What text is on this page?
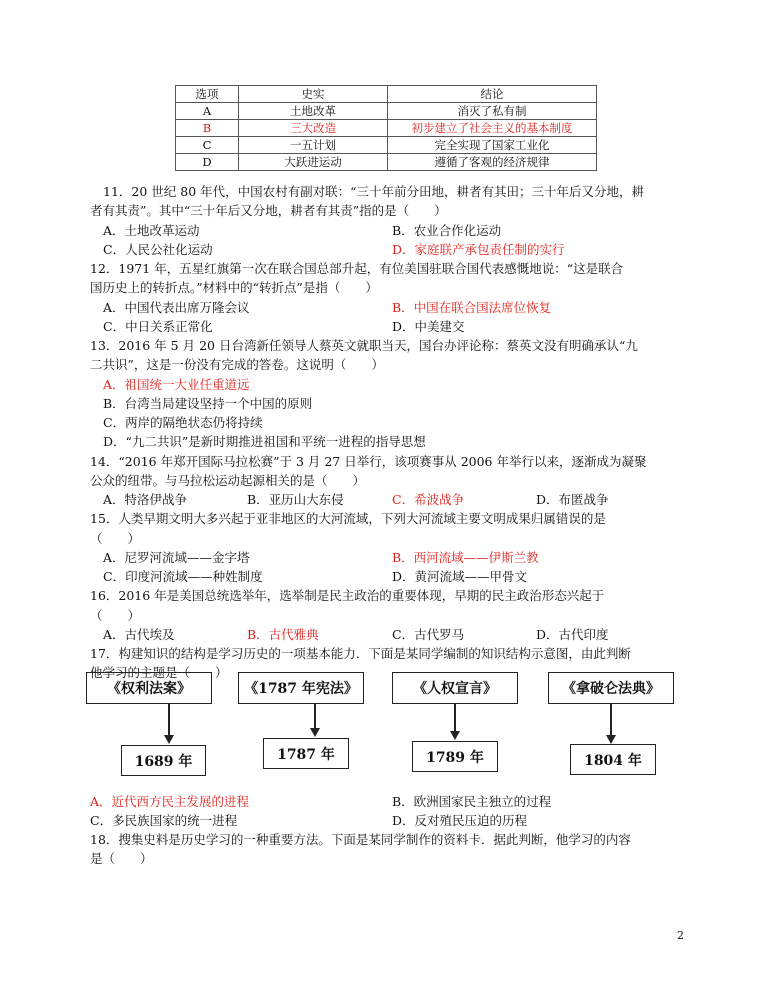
选项	史实	结论
A	土地改革	消灭了私有制
B	三大改造	初步建立了社会主义的基本制度
C	一五计划	完全实现了国家工业化
D	大跃进运动	遵循了客观的经济规律
11．20 世纪 80 年代，中国农村有副对联：“三十年前分田地，耕者有其田；三十年后又分地，耕
者有其责”。其中“三十年后又分地，耕者有其责”指的是（　　）
A．土地改革运动	B．农业合作化运动
C．人民公社化运动	D．家庭联产承包责任制的实行
12．1971 年，五星红旗第一次在联合国总部升起，有位美国驻联合国代表感慨地说：“这是联合
国历史上的转折点。”材料中的“转折点”是指（　　）
A．中国代表出席万隆会议	B．中国在联合国法席位恢复
C．中日关系正常化	D．中美建交
13．2016 年 5 月 20 日台湾新任领导人蔡英文就职当天，国台办评论称：蔡英文没有明确承认“九
二共识”，这是一份没有完成的答卷。这说明（　　）
A．祖国统一大业任重道远
B．台湾当局建设坚持一个中国的原则
C．两岸的隔绝状态仍将持续
D．“九二共识”是新时期推进祖国和平统一进程的指导思想
14．“2016 年郑开国际马拉松赛”于 3 月 27 日举行，该项赛事从 2006 年举行以来，逐渐成为凝聚
公众的纽带。与马拉松运动起源相关的是（　　）
A．特洛伊战争	B．亚历山大东侵	C．希波战争	D．布匿战争
15．人类早期文明大多兴起于亚非地区的大河流域，下列大河流域主要文明成果归属错误的是
（　　）
A．尼罗河流域——金字塔	B．西河流域——伊斯兰教
C．印度河流域——种姓制度	D．黄河流域——甲骨文
16．2016 年是美国总统选举年，选举制是民主政治的重要体现，早期的民主政治形态兴起于
（　　）
A．古代埃及	B．古代雅典	C．古代罗马	D．古代印度
17．构建知识的结构是学习历史的一项基本能力．下面是某同学编制的知识结构示意图，由此判断
他学习的主题是（　　）
《权利法案》	《1787 年宪法》	《人权宣言》	《拿破仑法典》
1689 年	1787 年	1789 年	1804 年
A．近代西方民主发展的进程	B．欧洲国家民主独立的过程
C．多民族国家的统一进程	D．反对殖民压迫的历程
18．搜集史料是历史学习的一种重要方法。下面是某同学制作的资料卡．据此判断，他学习的内容
是（　　）
2
